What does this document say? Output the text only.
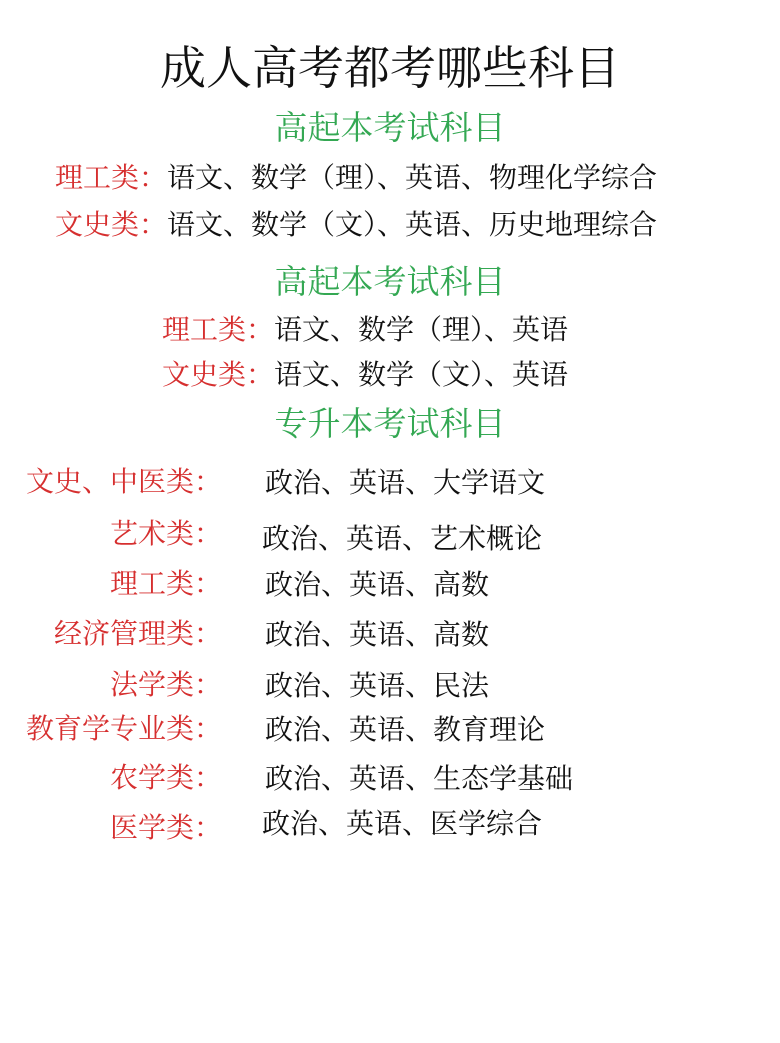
成人高考都考哪些科目
高起本考试科目
理工类：语文、数学（理）、英语、物理化学综合
文史类：语文、数学（文）、英语、历史地理综合
高起本考试科目
理工类：语文、数学（理）、英语
文史类：语文、数学（文）、英语
专升本考试科目
文史、中医类： 政治、英语、大学语文
艺术类： 政治、英语、艺术概论
理工类： 政治、英语、高数
经济管理类： 政治、英语、高数
法学类： 政治、英语、民法
教育学专业类： 政治、英语、教育理论
农学类： 政治、英语、生态学基础
医学类： 政治、英语、医学综合
